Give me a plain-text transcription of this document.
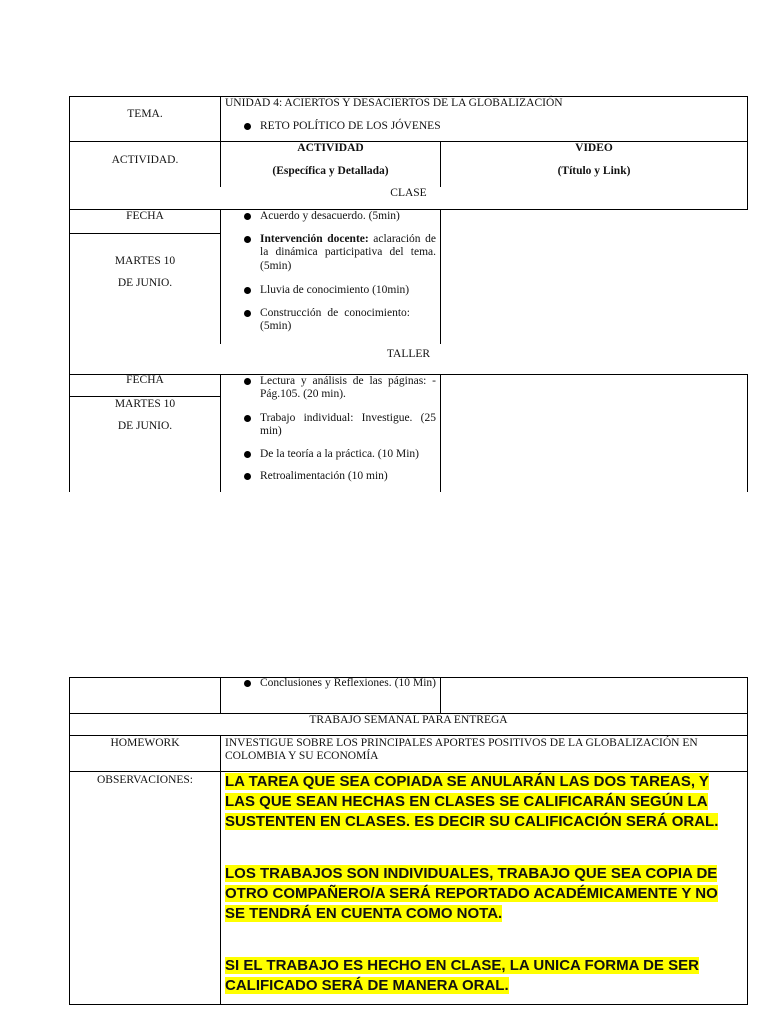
TEMA.
UNIDAD 4: ACIERTOS Y DESACIERTOS DE LA GLOBALIZACIÓN
RETO POLÍTICO DE LOS JÓVENES
ACTIVIDAD.
ACTIVIDAD
(Específica y Detallada)
VIDEO
(Título y Link)
CLASE
FECHA
MARTES 10
DE JUNIO.
Acuerdo y desacuerdo. (5min)
Intervención docente: aclaración de la dinámica participativa del tema. (5min)
Lluvia de conocimiento (10min)
Construcción de conocimiento: (5min)
TALLER
FECHA
MARTES 10
DE JUNIO.
Lectura y análisis de las páginas: -Pág.105. (20 min).
Trabajo individual: Investigue. (25 min)
De la teoría a la práctica. (10 Min)
Retroalimentación (10 min)
Conclusiones y Reflexiones. (10 Min)
TRABAJO SEMANAL PARA ENTREGA
HOMEWORK	INVESTIGUE SOBRE LOS PRINCIPALES APORTES POSITIVOS DE LA GLOBALIZACIÓN EN COLOMBIA Y SU ECONOMÍA
OBSERVACIONES:	LA TAREA QUE SEA COPIADA SE ANULARÁN LAS DOS TAREAS, Y LAS QUE SEAN HECHAS EN CLASES SE CALIFICARÁN SEGÚN LA SUSTENTEN EN CLASES. ES DECIR SU CALIFICACIÓN SERÁ ORAL.
LOS TRABAJOS SON INDIVIDUALES, TRABAJO QUE SEA COPIA DE OTRO COMPAÑERO/A SERÁ REPORTADO ACADÉMICAMENTE Y NO SE TENDRÁ EN CUENTA COMO NOTA.
SI EL TRABAJO ES HECHO EN CLASE, LA UNICA FORMA DE SER CALIFICADO SERÁ DE MANERA ORAL.
